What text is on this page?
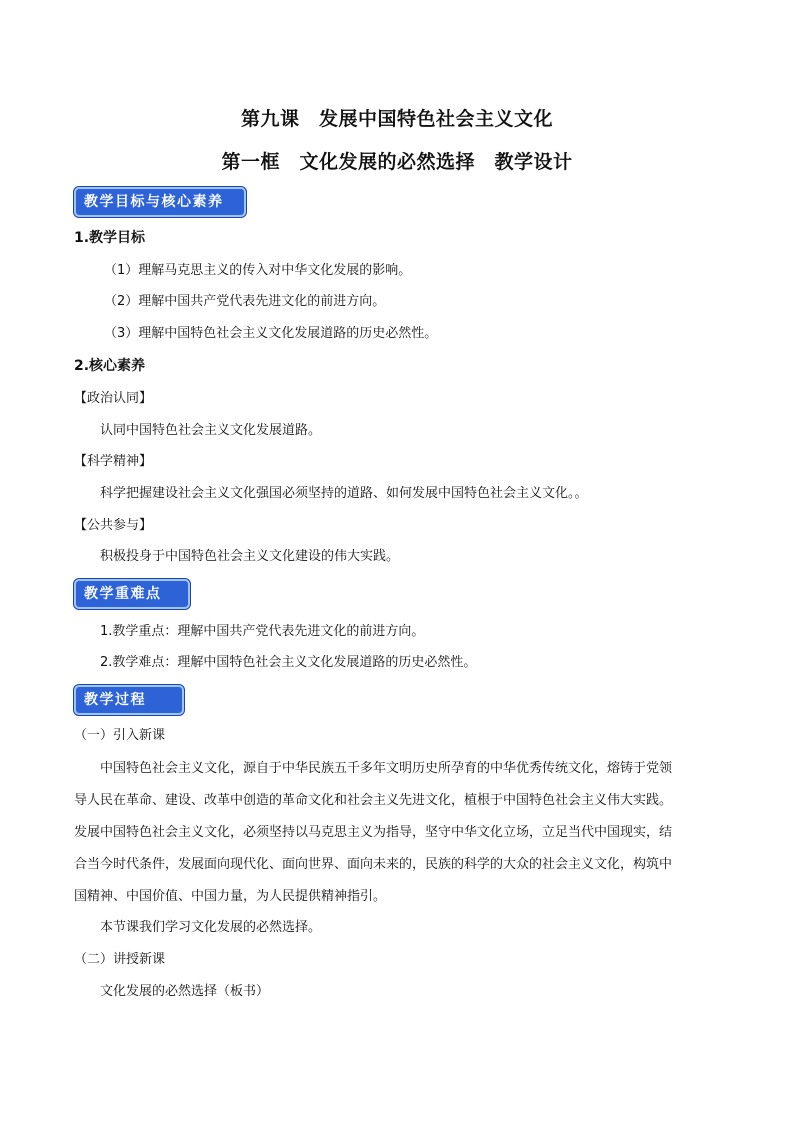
第九课　发展中国特色社会主义文化
第一框　文化发展的必然选择　教学设计
教学目标与核心素养
1.教学目标
（1）理解马克思主义的传入对中华文化发展的影响。
（2）理解中国共产党代表先进文化的前进方向。
（3）理解中国特色社会主义文化发展道路的历史必然性。
2.核心素养
【政治认同】
认同中国特色社会主义文化发展道路。
【科学精神】
科学把握建设社会主义文化强国必须坚持的道路、如何发展中国特色社会主义文化。。
【公共参与】
积极投身于中国特色社会主义文化建设的伟大实践。
教学重难点
1.教学重点：理解中国共产党代表先进文化的前进方向。
2.教学难点：理解中国特色社会主义文化发展道路的历史必然性。
教学过程
（一）引入新课
中国特色社会主义文化，源自于中华民族五千多年文明历史所孕育的中华优秀传统文化，熔铸于党领
导人民在革命、建设、改革中创造的革命文化和社会主义先进文化，植根于中国特色社会主义伟大实践。
发展中国特色社会主义文化，必须坚持以马克思主义为指导，坚守中华文化立场，立足当代中国现实，结
合当今时代条件，发展面向现代化、面向世界、面向未来的，民族的科学的大众的社会主义文化，构筑中
国精神、中国价值、中国力量，为人民提供精神指引。
本节课我们学习文化发展的必然选择。
（二）讲授新课
文化发展的必然选择（板书）
